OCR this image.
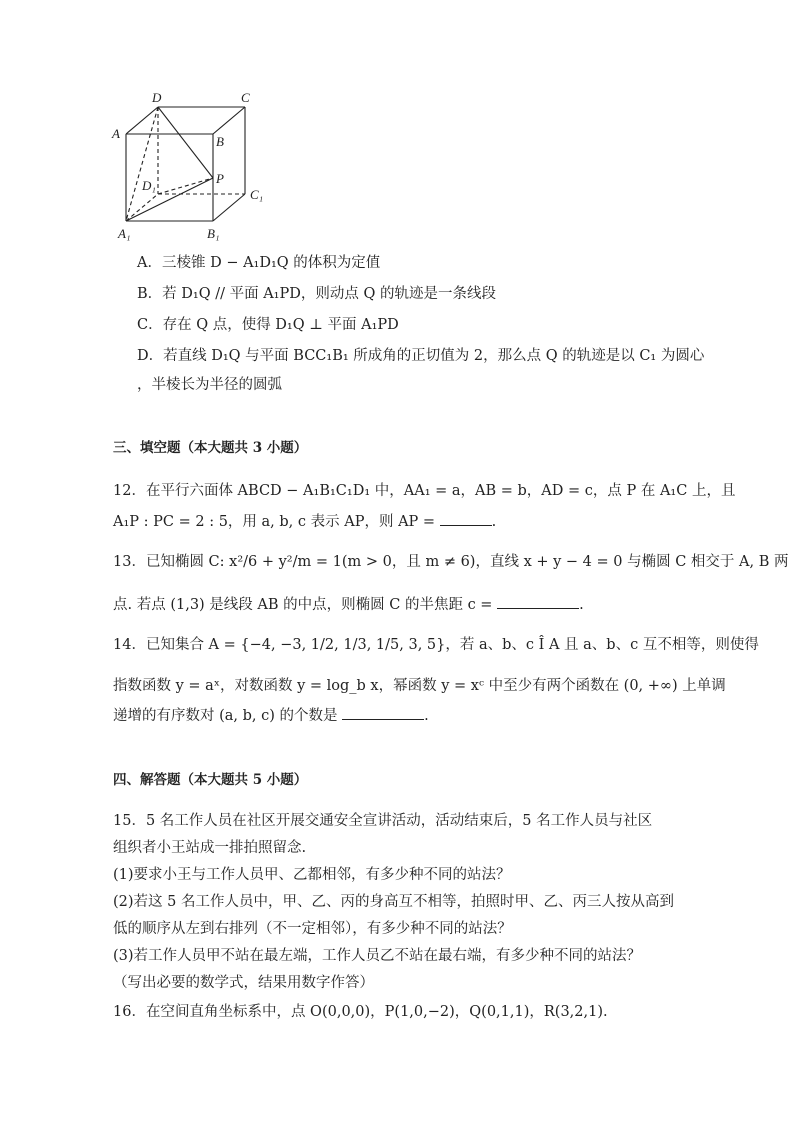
D	C
A
B
D₁	P
C₁
A₁	B₁
A．三棱锥 D − A₁D₁Q 的体积为定值
B．若 D₁Q // 平面 A₁PD，则动点 Q 的轨迹是一条线段
C．存在 Q 点，使得 D₁Q ⊥ 平面 A₁PD
D．若直线 D₁Q 与平面 BCC₁B₁ 所成角的正切值为 2，那么点 Q 的轨迹是以 C₁ 为圆心
，半棱长为半径的圆弧
三、填空题（本大题共 3 小题）
12．在平行六面体 ABCD − A₁B₁C₁D₁ 中，AA₁ = a，AB = b，AD = c，点 P 在 A₁C 上，且
A₁P : PC = 2 : 5，用 a, b, c 表示 AP，则 AP =	.
13．已知椭圆 C: x²/6 + y²/m = 1(m > 0，且 m ≠ 6)，直线 x + y − 4 = 0 与椭圆 C 相交于 A, B 两
点. 若点 (1,3) 是线段 AB 的中点，则椭圆 C 的半焦距 c =	.
14．已知集合 A = {−4, −3, 1/2, 1/3, 1/5, 3, 5}，若 a、b、c Î A 且 a、b、c 互不相等，则使得
指数函数 y = aˣ，对数函数 y = log_b x，幂函数 y = xᶜ 中至少有两个函数在 (0, +∞) 上单调
递增的有序数对 (a, b, c) 的个数是	.
四、解答题（本大题共 5 小题）
15．5 名工作人员在社区开展交通安全宣讲活动，活动结束后，5 名工作人员与社区
组织者小王站成一排拍照留念.
(1)要求小王与工作人员甲、乙都相邻，有多少种不同的站法？
(2)若这 5 名工作人员中，甲、乙、丙的身高互不相等，拍照时甲、乙、丙三人按从高到
低的顺序从左到右排列（不一定相邻），有多少种不同的站法？
(3)若工作人员甲不站在最左端，工作人员乙不站在最右端，有多少种不同的站法？
（写出必要的数学式，结果用数字作答）
16．在空间直角坐标系中，点 O(0,0,0)，P(1,0,−2)，Q(0,1,1)，R(3,2,1).
